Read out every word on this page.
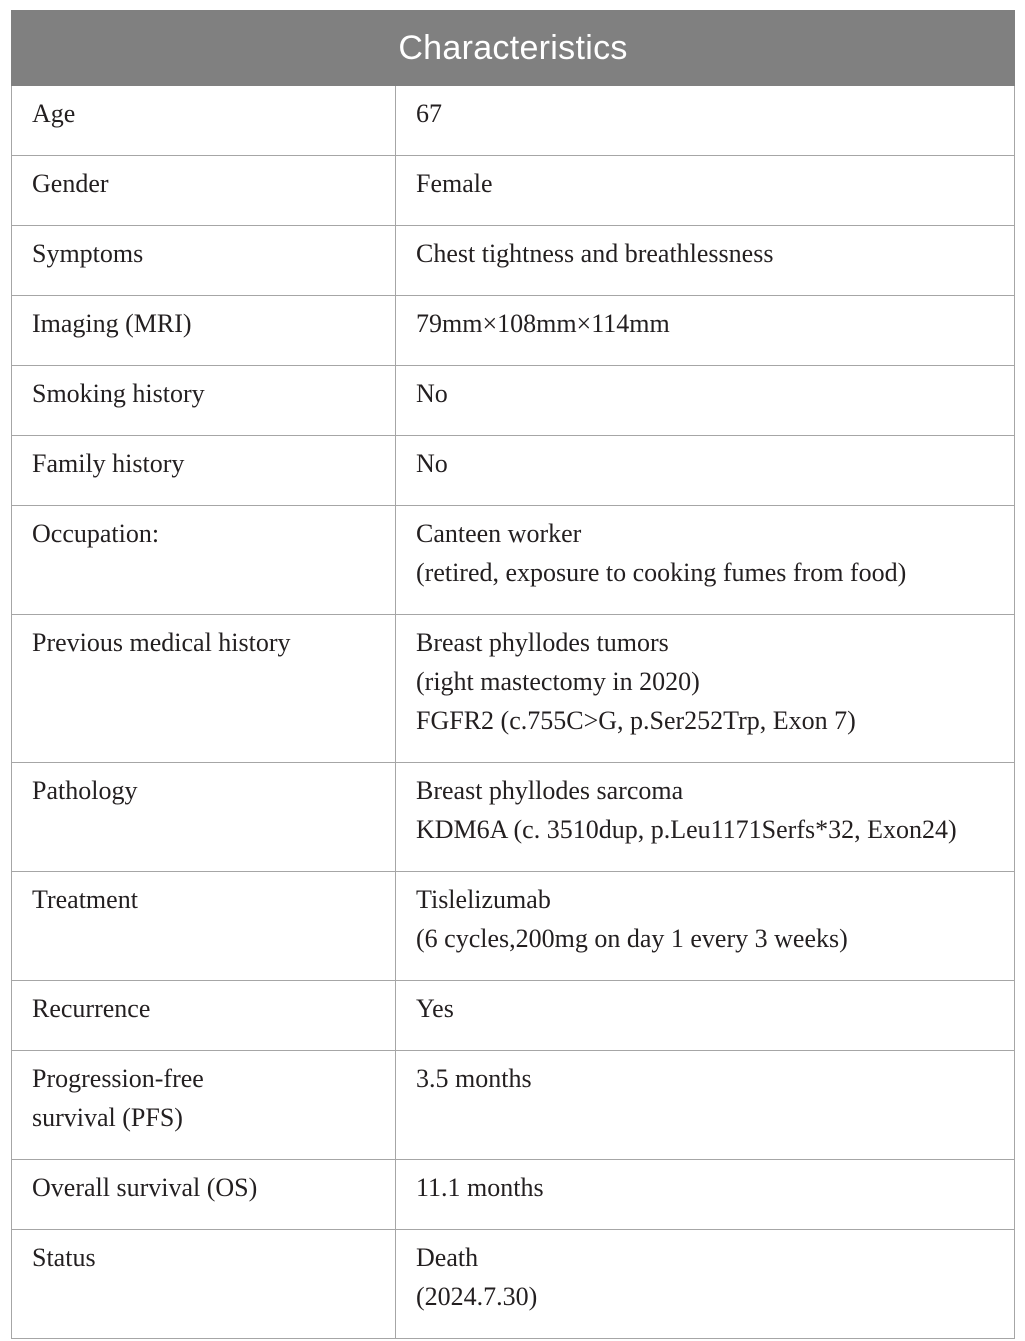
Characteristics	
Age	67

Gender	Female

Symptoms	Chest tightness and breathlessness

Imaging (MRI)	79mm×108mm×114mm

Smoking history	No

Family history	No

Occupation:	Canteen worker
(retired, exposure to cooking fumes from food)

Previous medical history	Breast phyllodes tumors
(right mastectomy in 2020)
FGFR2 (c.755C>G, p.Ser252Trp, Exon 7)

Pathology	Breast phyllodes sarcoma
KDM6A (c. 3510dup, p.Leu1171Serfs*32, Exon24)

Treatment	Tislelizumab
(6 cycles,200mg on day 1 every 3 weeks)

Recurrence	Yes

Progression-free
survival (PFS)	3.5 months

Overall survival (OS)	11.1 months

Status	Death
(2024.7.30)
